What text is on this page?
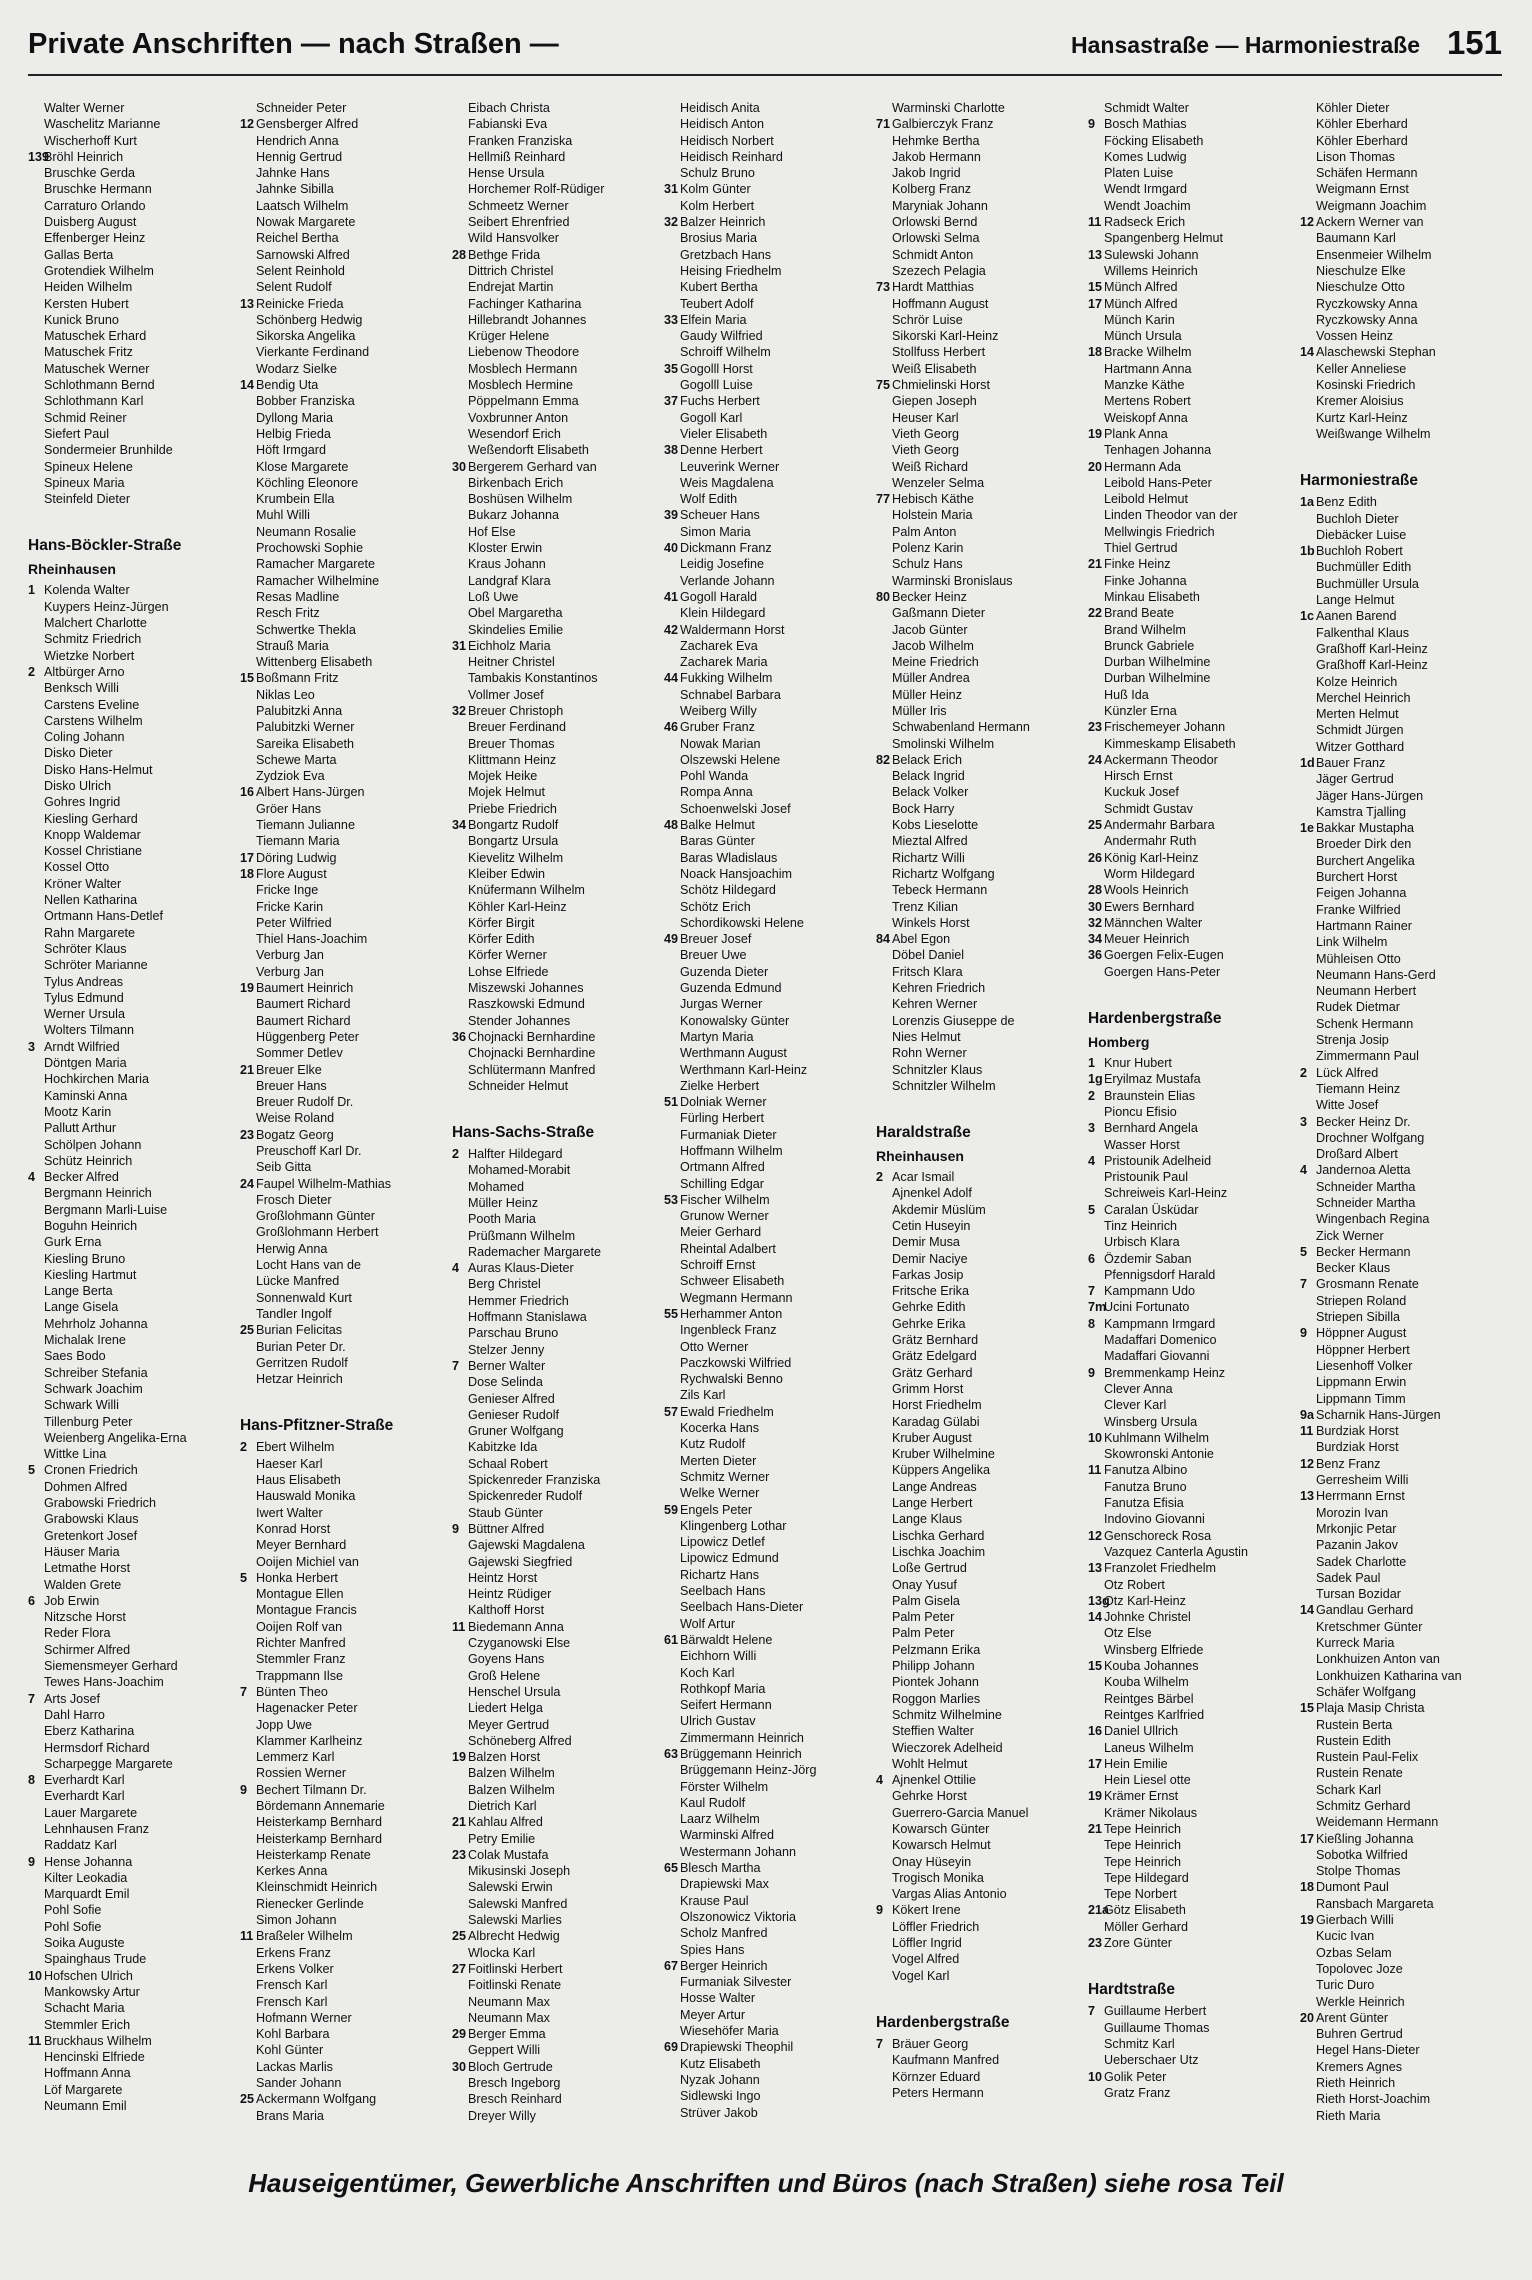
Private Anschriften — nach Straßen —	Hansastraße — Harmoniestraße 151
Walter Werner
Waschelitz Marianne
Wischerhoff Kurt
139
Bröhl Heinrich
Bruschke Gerda
Bruschke Hermann
Carraturo Orlando
Duisberg August
Effenberger Heinz
Gallas Berta
Grotendiek Wilhelm
Heiden Wilhelm
Kersten Hubert
Kunick Bruno
Matuschek Erhard
Matuschek Fritz
Matuschek Werner
Schlothmann Bernd
Schlothmann Karl
Schmid Reiner
Siefert Paul
Sondermeier Brunhilde
Spineux Helene
Spineux Maria
Steinfeld Dieter
Hans-Böckler-Straße
Rheinhausen
1 Kolenda Walter
Kuypers Heinz-Jürgen
Malchert Charlotte
Schmitz Friedrich
Wietzke Norbert
2 Altbürger Arno
Benksch Willi
Carstens Eveline
Carstens Wilhelm
Coling Johann
Disko Dieter
Disko Hans-Helmut
Disko Ulrich
Gohres Ingrid
Kiesling Gerhard
Knopp Waldemar
Kossel Christiane
Kossel Otto
Kröner Walter
Nellen Katharina
Ortmann Hans-Detlef
Rahn Margarete
Schröter Klaus
Schröter Marianne
Tylus Andreas
Tylus Edmund
Werner Ursula
Wolters Tilmann
3 Arndt Wilfried
Döntgen Maria
Hochkirchen Maria
Kaminski Anna
Mootz Karin
Pallutt Arthur
Schölpen Johann
Schütz Heinrich
4 Becker Alfred
Bergmann Heinrich
Bergmann Marli-Luise
Boguhn Heinrich
Gurk Erna
Kiesling Bruno
Kiesling Hartmut
Lange Berta
Lange Gisela
Mehrholz Johanna
Michalak Irene
Saes Bodo
Schreiber Stefania
Schwark Joachim
Schwark Willi
Tillenburg Peter
Weienberg Angelika-Erna
Wittke Lina
5 Cronen Friedrich
Dohmen Alfred
Grabowski Friedrich
Grabowski Klaus
Gretenkort Josef
Häuser Maria
Letmathe Horst
Walden Grete
6 Job Erwin
Nitzsche Horst
Reder Flora
Schirmer Alfred
Siemensmeyer Gerhard
Tewes Hans-Joachim
7 Arts Josef
Dahl Harro
Eberz Katharina
Hermsdorf Richard
Scharpegge Margarete
8 Everhardt Karl
Everhardt Karl
Lauer Margarete
Lehnhausen Franz
Raddatz Karl
9 Hense Johanna
Kilter Leokadia
Marquardt Emil
Pohl Sofie
Pohl Sofie
Soika Auguste
Spainghaus Trude
10 Hofschen Ulrich
Mankowsky Artur
Schacht Maria
Stemmler Erich
11 Bruckhaus Wilhelm
Hencinski Elfriede
Hoffmann Anna
Löf Margarete
Neumann Emil
Schneider Peter
12 Gensberger Alfred
Hendrich Anna
Hennig Gertrud
Jahnke Hans
Jahnke Sibilla
Laatsch Wilhelm
Nowak Margarete
Reichel Bertha
Sarnowski Alfred
Selent Reinhold
Selent Rudolf
13 Reinicke Frieda
Schönberg Hedwig
Sikorska Angelika
Vierkante Ferdinand
Wodarz Sielke
14 Bendig Uta
Bobber Franziska
Dyllong Maria
Helbig Frieda
Höft Irmgard
Klose Margarete
Köchling Eleonore
Krumbein Ella
Muhl Willi
Neumann Rosalie
Prochowski Sophie
Ramacher Margarete
Ramacher Wilhelmine
Resas Madline
Resch Fritz
Schwertke Thekla
Strauß Maria
Wittenberg Elisabeth
15 Boßmann Fritz
Niklas Leo
Palubitzki Anna
Palubitzki Werner
Sareika Elisabeth
Schewe Marta
Zydziok Eva
16 Albert Hans-Jürgen
Gröer Hans
Tiemann Julianne
Tiemann Maria
17 Döring Ludwig
18 Flore August
Fricke Inge
Fricke Karin
Peter Wilfried
Thiel Hans-Joachim
Verburg Jan
Verburg Jan
19 Baumert Heinrich
Baumert Richard
Baumert Richard
Hüggenberg Peter
Sommer Detlev
21 Breuer Elke
Breuer Hans
Breuer Rudolf Dr.
Weise Roland
23 Bogatz Georg
Preuschoff Karl Dr.
Seib Gitta
24 Faupel Wilhelm-Mathias
Frosch Dieter
Großlohmann Günter
Großlohmann Herbert
Herwig Anna
Locht Hans van de
Lücke Manfred
Sonnenwald Kurt
Tandler Ingolf
25 Burian Felicitas
Burian Peter Dr.
Gerritzen Rudolf
Hetzar Heinrich
Hans-Pfitzner-Straße
2 Ebert Wilhelm
Haeser Karl
Haus Elisabeth
Hauswald Monika
Iwert Walter
Konrad Horst
Meyer Bernhard
Ooijen Michiel van
5 Honka Herbert
Montague Ellen
Montague Francis
Ooijen Rolf van
Richter Manfred
Stemmler Franz
Trappmann Ilse
7 Bünten Theo
Hagenacker Peter
Jopp Uwe
Klammer Karlheinz
Lemmerz Karl
Rossien Werner
9 Bechert Tilmann Dr.
Bördemann Annemarie
Heisterkamp Bernhard
Heisterkamp Bernhard
Heisterkamp Renate
Kerkes Anna
Kleinschmidt Heinrich
Rienecker Gerlinde
Simon Johann
11 Braßeler Wilhelm
Erkens Franz
Erkens Volker
Frensch Karl
Frensch Karl
Hofmann Werner
Kohl Barbara
Kohl Günter
Lackas Marlis
Sander Johann
25 Ackermann Wolfgang
Brans Maria
Eibach Christa
Fabianski Eva
Franken Franziska
Hellmiß Reinhard
Hense Ursula
Horchemer Rolf-Rüdiger
Schmeetz Werner
Seibert Ehrenfried
Wild Hansvolker
28 Bethge Frida
Dittrich Christel
Endrejat Martin
Fachinger Katharina
Hillebrandt Johannes
Krüger Helene
Liebenow Theodore
Mosblech Hermann
Mosblech Hermine
Pöppelmann Emma
Voxbrunner Anton
Wesendorf Erich
Weßendorft Elisabeth
30 Bergerem Gerhard van
Birkenbach Erich
Boshüsen Wilhelm
Bukarz Johanna
Hof Else
Kloster Erwin
Kraus Johann
Landgraf Klara
Loß Uwe
Obel Margaretha
Skindelies Emilie
31 Eichholz Maria
Heitner Christel
Tambakis Konstantinos
Vollmer Josef
32 Breuer Christoph
Breuer Ferdinand
Breuer Thomas
Klittmann Heinz
Mojek Heike
Mojek Helmut
Priebe Friedrich
34 Bongartz Rudolf
Bongartz Ursula
Kievelitz Wilhelm
Kleiber Edwin
Knüfermann Wilhelm
Köhler Karl-Heinz
Körfer Birgit
Körfer Edith
Körfer Werner
Lohse Elfriede
Miszewski Johannes
Raszkowski Edmund
Stender Johannes
36 Chojnacki Bernhardine
Chojnacki Bernhardine
Schlütermann Manfred
Schneider Helmut
Hans-Sachs-Straße
2 Halfter Hildegard
Mohamed-Morabit
Mohamed
Müller Heinz
Pooth Maria
Prüßmann Wilhelm
Rademacher Margarete
4 Auras Klaus-Dieter
Berg Christel
Hemmer Friedrich
Hoffmann Stanislawa
Parschau Bruno
Stelzer Jenny
7 Berner Walter
Dose Selinda
Genieser Alfred
Genieser Rudolf
Gruner Wolfgang
Kabitzke Ida
Schaal Robert
Spickenreder Franziska
Spickenreder Rudolf
Staub Günter
9 Büttner Alfred
Gajewski Magdalena
Gajewski Siegfried
Heintz Horst
Heintz Rüdiger
Kalthoff Horst
11 Biedemann Anna
Czyganowski Else
Goyens Hans
Groß Helene
Henschel Ursula
Liedert Helga
Meyer Gertrud
Schöneberg Alfred
19 Balzen Horst
Balzen Wilhelm
Balzen Wilhelm
Dietrich Karl
21 Kahlau Alfred
Petry Emilie
23 Colak Mustafa
Mikusinski Joseph
Salewski Erwin
Salewski Manfred
Salewski Marlies
25 Albrecht Hedwig
Wlocka Karl
27 Foitlinski Herbert
Foitlinski Renate
Neumann Max
Neumann Max
29 Berger Emma
Geppert Willi
30 Bloch Gertrude
Bresch Ingeborg
Bresch Reinhard
Dreyer Willy
Heidisch Anita
Heidisch Anton
Heidisch Norbert
Heidisch Reinhard
Schulz Bruno
31 Kolm Günter
Kolm Herbert
32 Balzer Heinrich
Brosius Maria
Gretzbach Hans
Heising Friedhelm
Kubert Bertha
Teubert Adolf
33 Elfein Maria
Gaudy Wilfried
Schroiff Wilhelm
35 Gogolll Horst
Gogolll Luise
37 Fuchs Herbert
Gogoll Karl
Vieler Elisabeth
38 Denne Herbert
Leuverink Werner
Weis Magdalena
Wolf Edith
39 Scheuer Hans
Simon Maria
40 Dickmann Franz
Leidig Josefine
Verlande Johann
41 Gogoll Harald
Klein Hildegard
42 Waldermann Horst
Zacharek Eva
Zacharek Maria
44 Fukking Wilhelm
Schnabel Barbara
Weiberg Willy
46 Gruber Franz
Nowak Marian
Olszewski Helene
Pohl Wanda
Rompa Anna
Schoenwelski Josef
48 Balke Helmut
Baras Günter
Baras Wladislaus
Noack Hansjoachim
Schötz Hildegard
Schötz Erich
Schordikowski Helene
49 Breuer Josef
Breuer Uwe
Guzenda Dieter
Guzenda Edmund
Jurgas Werner
Konowalsky Günter
Martyn Maria
Werthmann August
Werthmann Karl-Heinz
Zielke Herbert
51 Dolniak Werner
Fürling Herbert
Furmaniak Dieter
Hoffmann Wilhelm
Ortmann Alfred
Schilling Edgar
53 Fischer Wilhelm
Grunow Werner
Meier Gerhard
Rheintal Adalbert
Schroiff Ernst
Schweer Elisabeth
Wegmann Hermann
55 Herhammer Anton
Ingenbleck Franz
Otto Werner
Paczkowski Wilfried
Rychwalski Benno
Zils Karl
57 Ewald Friedhelm
Kocerka Hans
Kutz Rudolf
Merten Dieter
Schmitz Werner
Welke Werner
59 Engels Peter
Klingenberg Lothar
Lipowicz Detlef
Lipowicz Edmund
Richartz Hans
Seelbach Hans
Seelbach Hans-Dieter
Wolf Artur
61 Bärwaldt Helene
Eichhorn Willi
Koch Karl
Rothkopf Maria
Seifert Hermann
Ulrich Gustav
Zimmermann Heinrich
63 Brüggemann Heinrich
Brüggemann Heinz-Jörg
Förster Wilhelm
Kaul Rudolf
Laarz Wilhelm
Warminski Alfred
Westermann Johann
65 Blesch Martha
Drapiewski Max
Krause Paul
Olszonowicz Viktoria
Scholz Manfred
Spies Hans
67 Berger Heinrich
Furmaniak Silvester
Hosse Walter
Meyer Artur
Wiesehöfer Maria
69 Drapiewski Theophil
Kutz Elisabeth
Nyzak Johann
Sidlewski Ingo
Strüver Jakob
Warminski Charlotte
71 Galbierczyk Franz
Hehmke Bertha
Jakob Hermann
Jakob Ingrid
Kolberg Franz
Maryniak Johann
Orlowski Bernd
Orlowski Selma
Schmidt Anton
Szezech Pelagia
73 Hardt Matthias
Hoffmann August
Schrör Luise
Sikorski Karl-Heinz
Stollfuss Herbert
Weiß Elisabeth
75 Chmielinski Horst
Giepen Joseph
Heuser Karl
Vieth Georg
Vieth Georg
Weiß Richard
Wenzeler Selma
77 Hebisch Käthe
Holstein Maria
Palm Anton
Polenz Karin
Schulz Hans
Warminski Bronislaus
80 Becker Heinz
Gaßmann Dieter
Jacob Günter
Jacob Wilhelm
Meine Friedrich
Müller Andrea
Müller Heinz
Müller Iris
Schwabenland Hermann
Smolinski Wilhelm
82 Belack Erich
Belack Ingrid
Belack Volker
Bock Harry
Kobs Lieselotte
Mieztal Alfred
Richartz Willi
Richartz Wolfgang
Tebeck Hermann
Trenz Kilian
Winkels Horst
84 Abel Egon
Döbel Daniel
Fritsch Klara
Kehren Friedrich
Kehren Werner
Lorenzis Giuseppe de
Nies Helmut
Rohn Werner
Schnitzler Klaus
Schnitzler Wilhelm
Haraldstraße
Rheinhausen
2 Acar Ismail
Ajnenkel Adolf
Akdemir Müslüm
Cetin Huseyin
Demir Musa
Demir Naciye
Farkas Josip
Fritsche Erika
Gehrke Edith
Gehrke Erika
Grätz Bernhard
Grätz Edelgard
Grätz Gerhard
Grimm Horst
Horst Friedhelm
Karadag Gülabi
Kruber August
Kruber Wilhelmine
Küppers Angelika
Lange Andreas
Lange Herbert
Lange Klaus
Lischka Gerhard
Lischka Joachim
Loße Gertrud
Onay Yusuf
Palm Gisela
Palm Peter
Palm Peter
Pelzmann Erika
Philipp Johann
Piontek Johann
Roggon Marlies
Schmitz Wilhelmine
Steffien Walter
Wieczorek Adelheid
Wohlt Helmut
4 Ajnenkel Ottilie
Gehrke Horst
Guerrero-Garcia Manuel
Kowarsch Günter
Kowarsch Helmut
Onay Hüseyin
Trogisch Monika
Vargas Alias Antonio
9 Kökert Irene
Löffler Friedrich
Löffler Ingrid
Vogel Alfred
Vogel Karl
Hardenbergstraße
7 Bräuer Georg
Kaufmann Manfred
Körnzer Eduard
Peters Hermann
Schmidt Walter
9 Bosch Mathias
Föcking Elisabeth
Komes Ludwig
Platen Luise
Wendt Irmgard
Wendt Joachim
11 Radseck Erich
Spangenberg Helmut
13 Sulewski Johann
Willems Heinrich
15 Münch Alfred
17 Münch Alfred
Münch Karin
Münch Ursula
18 Bracke Wilhelm
Hartmann Anna
Manzke Käthe
Mertens Robert
Weiskopf Anna
19 Plank Anna
Tenhagen Johanna
20 Hermann Ada
Leibold Hans-Peter
Leibold Helmut
Linden Theodor van der
Mellwingis Friedrich
Thiel Gertrud
21 Finke Heinz
Finke Johanna
Minkau Elisabeth
22 Brand Beate
Brand Wilhelm
Brunck Gabriele
Durban Wilhelmine
Durban Wilhelmine
Huß Ida
Künzler Erna
23 Frischemeyer Johann
Kimmeskamp Elisabeth
24 Ackermann Theodor
Hirsch Ernst
Kuckuk Josef
Schmidt Gustav
25 Andermahr Barbara
Andermahr Ruth
26 König Karl-Heinz
Worm Hildegard
28 Wools Heinrich
30 Ewers Bernhard
32 Männchen Walter
34 Meuer Heinrich
36 Goergen Felix-Eugen
Goergen Hans-Peter
Hardenbergstraße
Homberg
1 Knur Hubert
1g Eryilmaz Mustafa
2 Braunstein Elias
Pioncu Efisio
3 Bernhard Angela
Wasser Horst
4 Pristounik Adelheid
Pristounik Paul
Schreiweis Karl-Heinz
5 Caralan Üsküdar
Tinz Heinrich
Urbisch Klara
6 Özdemir Saban
Pfennigsdorf Harald
7 Kampmann Udo
7m
Ucini Fortunato
8 Kampmann Irmgard
Madaffari Domenico
Madaffari Giovanni
9 Bremmenkamp Heinz
Clever Anna
Clever Karl
Winsberg Ursula
10 Kuhlmann Wilhelm
Skowronski Antonie
11 Fanutza Albino
Fanutza Bruno
Fanutza Efisia
Indovino Giovanni
12 Genschoreck Rosa
Vazquez Canterla Agustin
13 Franzolet Friedhelm
Otz Robert
13g
Otz Karl-Heinz
14 Johnke Christel
Otz Else
Winsberg Elfriede
15 Kouba Johannes
Kouba Wilhelm
Reintges Bärbel
Reintges Karlfried
16 Daniel Ullrich
Laneus Wilhelm
17 Hein Emilie
Hein Liesel otte
19 Krämer Ernst
Krämer Nikolaus
21 Tepe Heinrich
Tepe Heinrich
Tepe Heinrich
Tepe Hildegard
Tepe Norbert
21a
Götz Elisabeth
Möller Gerhard
23 Zore Günter
Hardtstraße
7 Guillaume Herbert
Guillaume Thomas
Schmitz Karl
Ueberschaer Utz
10 Golik Peter
Gratz Franz
Köhler Dieter
Köhler Eberhard
Köhler Eberhard
Lison Thomas
Schäfen Hermann
Weigmann Ernst
Weigmann Joachim
12 Ackern Werner van
Baumann Karl
Ensenmeier Wilhelm
Nieschulze Elke
Nieschulze Otto
Ryczkowsky Anna
Ryczkowsky Anna
Vossen Heinz
14 Alaschewski Stephan
Keller Anneliese
Kosinski Friedrich
Kremer Aloisius
Kurtz Karl-Heinz
Weißwange Wilhelm
Harmoniestraße
1a Benz Edith
Buchloh Dieter
Diebäcker Luise
1b Buchloh Robert
Buchmüller Edith
Buchmüller Ursula
Lange Helmut
1c Aanen Barend
Falkenthal Klaus
Graßhoff Karl-Heinz
Graßhoff Karl-Heinz
Kolze Heinrich
Merchel Heinrich
Merten Helmut
Schmidt Jürgen
Witzer Gotthard
1d Bauer Franz
Jäger Gertrud
Jäger Hans-Jürgen
Kamstra Tjalling
1e Bakkar Mustapha
Broeder Dirk den
Burchert Angelika
Burchert Horst
Feigen Johanna
Franke Wilfried
Hartmann Rainer
Link Wilhelm
Mühleisen Otto
Neumann Hans-Gerd
Neumann Herbert
Rudek Dietmar
Schenk Hermann
Strenja Josip
Zimmermann Paul
2 Lück Alfred
Tiemann Heinz
Witte Josef
3 Becker Heinz Dr.
Drochner Wolfgang
Droßard Albert
4 Jandernoa Aletta
Schneider Martha
Schneider Martha
Wingenbach Regina
Zick Werner
5 Becker Hermann
Becker Klaus
7 Grosmann Renate
Striepen Roland
Striepen Sibilla
9 Höppner August
Höppner Herbert
Liesenhoff Volker
Lippmann Erwin
Lippmann Timm
9a Scharnik Hans-Jürgen
11 Burdziak Horst
Burdziak Horst
12 Benz Franz
Gerresheim Willi
13 Herrmann Ernst
Morozin Ivan
Mrkonjic Petar
Pazanin Jakov
Sadek Charlotte
Sadek Paul
Tursan Bozidar
14 Gandlau Gerhard
Kretschmer Günter
Kurreck Maria
Lonkhuizen Anton van
Lonkhuizen Katharina van
Schäfer Wolfgang
15 Plaja Masip Christa
Rustein Berta
Rustein Edith
Rustein Paul-Felix
Rustein Renate
Schark Karl
Schmitz Gerhard
Weidemann Hermann
17 Kießling Johanna
Sobotka Wilfried
Stolpe Thomas
18 Dumont Paul
Ransbach Margareta
19 Gierbach Willi
Kucic Ivan
Ozbas Selam
Topolovec Joze
Turic Duro
Werkle Heinrich
20 Arent Günter
Buhren Gertrud
Hegel Hans-Dieter
Kremers Agnes
Rieth Heinrich
Rieth Horst-Joachim
Rieth Maria
Hauseigentümer, Gewerbliche Anschriften und Büros (nach Straßen) siehe rosa Teil
